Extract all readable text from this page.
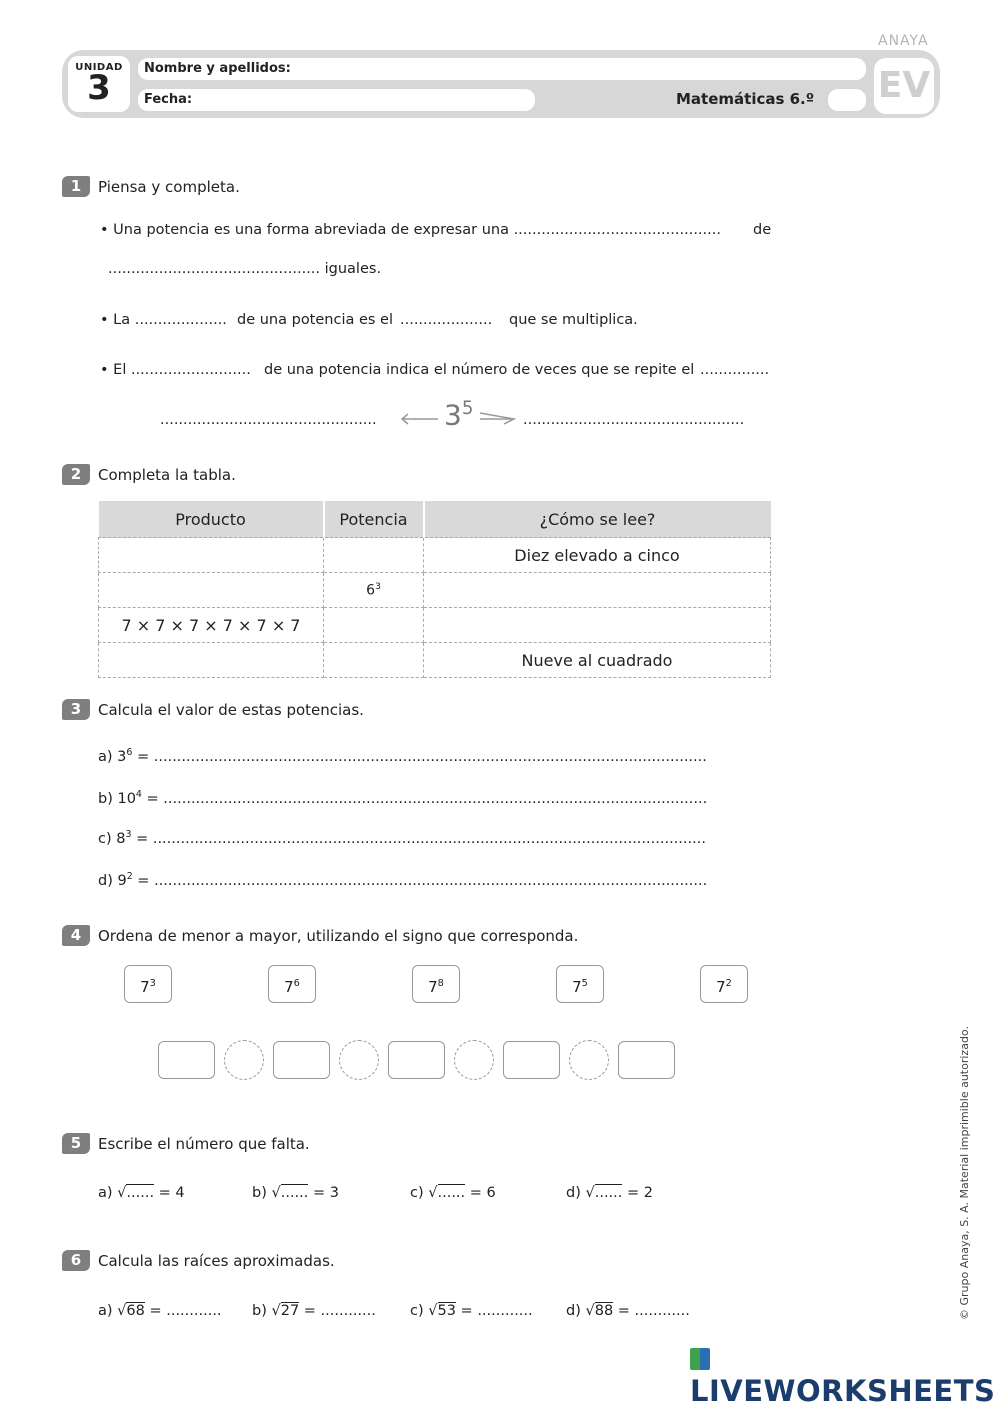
ANAYA
UNIDAD
3	Nombre y apellidos:
Fecha:	Matemáticas 6.º EV
1	Piensa y completa.
• Una potencia es una forma abreviada de expresar una ............................................. de
.............................................. iguales.
• La .................... de una potencia es el .................... que se multiplica.
• El .......................... de una potencia indica el número de veces que se repite el ...............
............................................... $3^5$
................................................
2	Completa la tabla.
Producto	Potencia	¿Cómo se lee?
		Diez elevado a cinco
	$6^3$	
7 × 7 × 7 × 7 × 7 × 7		
		Nueve al cuadrado
3	Calcula el valor de estas potencias.
a) $3^6$ = ........................................................................................................................
b) $10^4$ = ......................................................................................................................
c) $8^3$ = ........................................................................................................................
d) $9^2$ = ........................................................................................................................
4	Ordena de menor a mayor, utilizando el signo que corresponda.
$7^3$	$7^6$	$7^8$	$7^5$	$7^2$
5	Escribe el número que falta.
a) √...... = 4	b) √...... = 3	c) √...... = 6	d) √...... = 2
6	Calcula las raíces aproximadas.
a) √68 = ............ b) √27 = ............ c) √53 = ............ d) √88 = ............	© Grupo Anaya, S. A. Material imprimible autorizado.
LIVEWORKSHEETS
